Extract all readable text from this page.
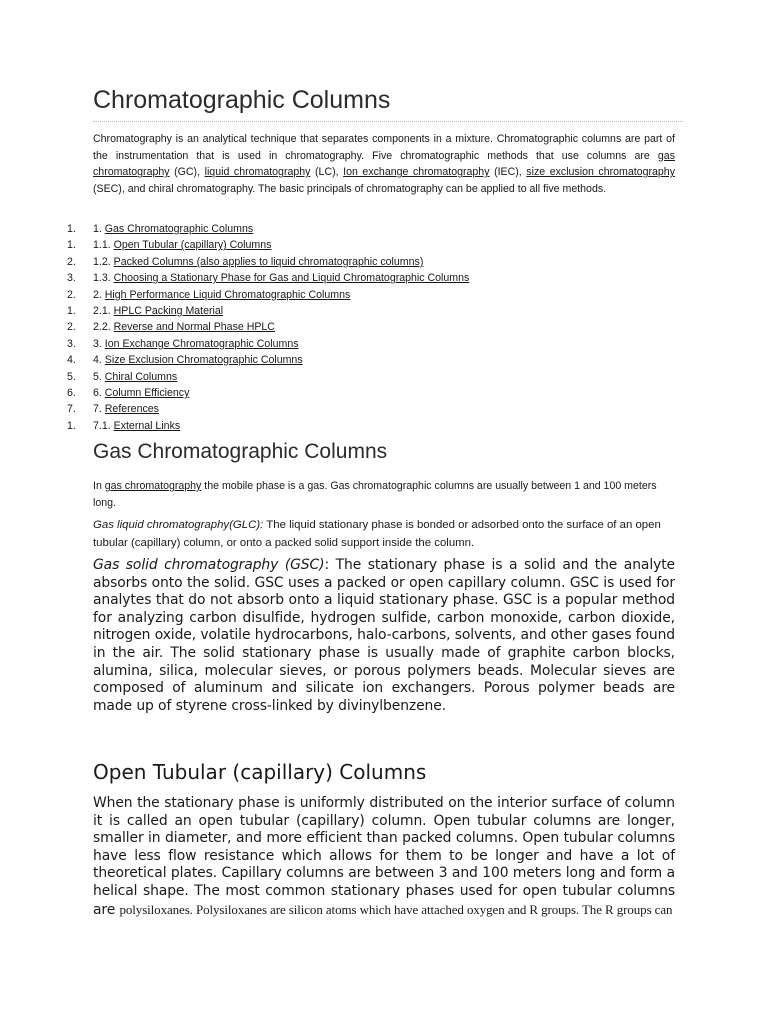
Chromatographic Columns

Chromatography is an analytical technique that separates components in a mixture. Chromatographic columns are part of the instrumentation that is used in chromatography. Five chromatographic methods that use columns are gas chromatography (GC), liquid chromatography (LC), Ion exchange chromatography (IEC), size exclusion chromatography (SEC), and chiral chromatography. The basic principals of chromatography can be applied to all five methods.

1.	1. Gas Chromatographic Columns
1.	1.1. Open Tubular (capillary) Columns
2.	1.2. Packed Columns (also applies to liquid chromatographic columns)
3.	1.3. Choosing a Stationary Phase for Gas and Liquid Chromatographic Columns
2.	2. High Performance Liquid Chromatographic Columns
1.	2.1. HPLC Packing Material
2.	2.2. Reverse and Normal Phase HPLC
3.	3. Ion Exchange Chromatographic Columns
4.	4. Size Exclusion Chromatographic Columns
5.	5. Chiral Columns
6.	6. Column Efficiency
7.	7. References
1.	7.1. External Links
Gas Chromatographic Columns

In gas chromatography the mobile phase is a gas. Gas chromatographic columns are usually between 1 and 100 meters long.

Gas liquid chromatography(GLC): The liquid stationary phase is bonded or adsorbed onto the surface of an open tubular (capillary) column, or onto a packed solid support inside the column.

Gas solid chromatography (GSC): The stationary phase is a solid and the analyte absorbs onto the solid. GSC uses a packed or open capillary column. GSC is used for analytes that do not absorb onto a liquid stationary phase. GSC is a popular method for analyzing carbon disulfide, hydrogen sulfide, carbon monoxide, carbon dioxide, nitrogen oxide, volatile hydrocarbons, halo-carbons, solvents, and other gases found in the air. The solid stationary phase is usually made of graphite carbon blocks, alumina, silica, molecular sieves, or porous polymers beads. Molecular sieves are composed of aluminum and silicate ion exchangers. Porous polymer beads are made up of styrene cross-linked by divinylbenzene.

Open Tubular (capillary) Columns

When the stationary phase is uniformly distributed on the interior surface of column it is called an open tubular (capillary) column. Open tubular columns are longer, smaller in diameter, and more efficient than packed columns. Open tubular columns have less flow resistance which allows for them to be longer and have a lot of theoretical plates. Capillary columns are between 3 and 100 meters long and form a helical shape. The most common stationary phases used for open tubular columns are polysiloxanes. Polysiloxanes are silicon atoms which have attached oxygen and R groups. The R groups can
